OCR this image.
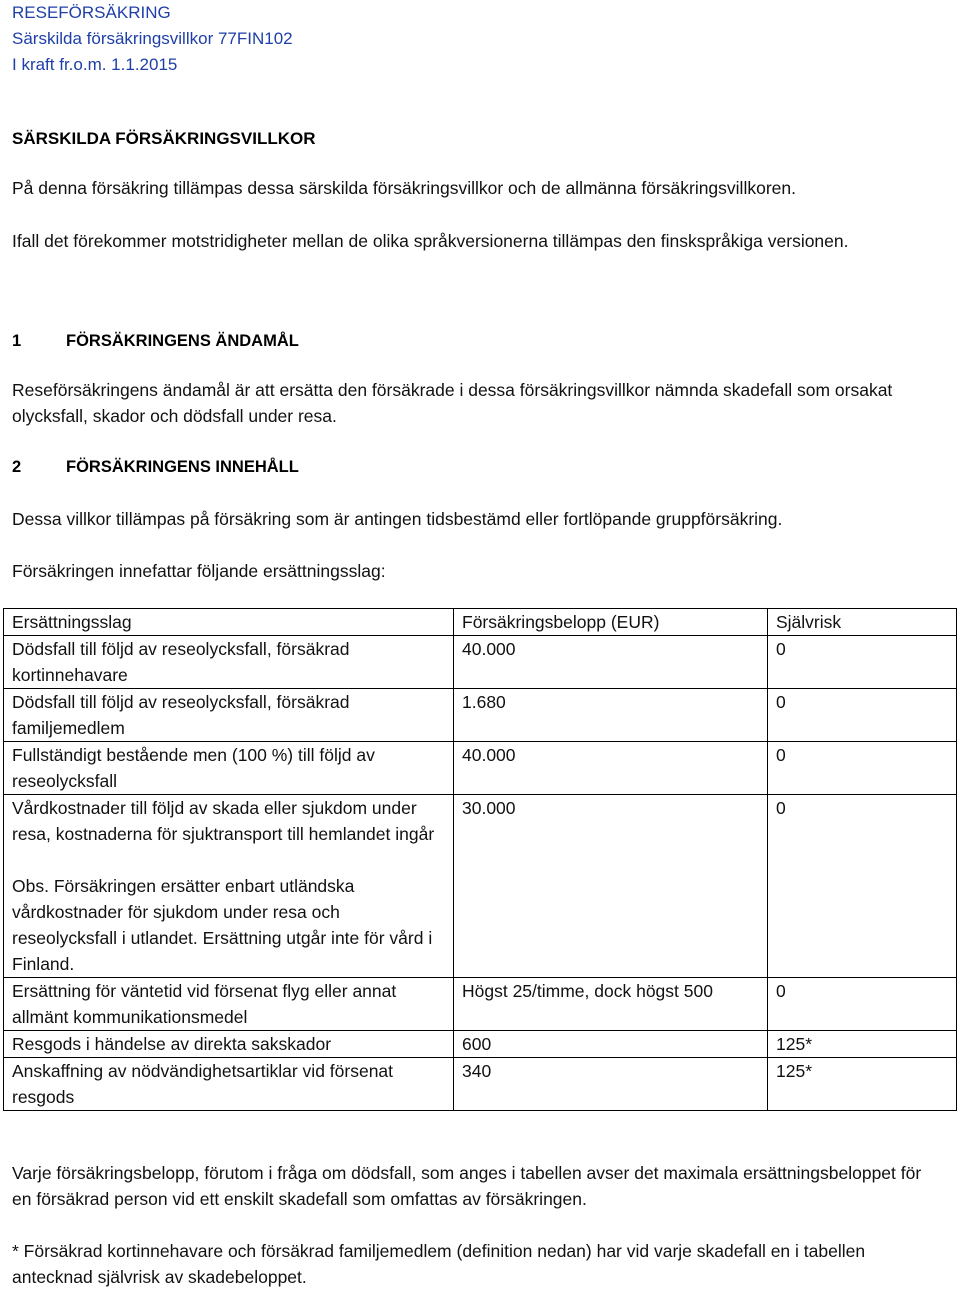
RESEFÖRSÄKRING
Särskilda försäkringsvillkor 77FIN102
I kraft fr.o.m. 1.1.2015
SÄRSKILDA FÖRSÄKRINGSVILLKOR
På denna försäkring tillämpas dessa särskilda försäkringsvillkor och de allmänna försäkringsvillkoren.
Ifall det förekommer motstridigheter mellan de olika språkversionerna tillämpas den finskspråkiga versionen.
1	FÖRSÄKRINGENS ÄNDAMÅL
Reseförsäkringens ändamål är att ersätta den försäkrade i dessa försäkringsvillkor nämnda skadefall som orsakat olycksfall, skador och dödsfall under resa.
2	FÖRSÄKRINGENS INNEHÅLL
Dessa villkor tillämpas på försäkring som är antingen tidsbestämd eller fortlöpande gruppförsäkring.
Försäkringen innefattar följande ersättningsslag:
Ersättningsslag	Försäkringsbelopp (EUR)	Självrisk
Dödsfall till följd av reseolycksfall, försäkrad kortinnehavare	40.000	0
Dödsfall till följd av reseolycksfall, försäkrad familjemedlem	1.680	0
Fullständigt bestående men (100 %) till följd av reseolycksfall	40.000	0

Vårdkostnader till följd av skada eller sjukdom under resa, kostnaderna för sjuktransport till hemlandet ingår
Obs. Försäkringen ersätter enbart utländska vårdkostnader för sjukdom under resa och reseolycksfall i utlandet. Ersättning utgår inte för vård i Finland.	30.000	0
Ersättning för väntetid vid försenat flyg eller annat allmänt kommunikationsmedel	Högst 25/timme, dock högst 500	0
Resgods i händelse av direkta sakskador	600	125*
Anskaffning av nödvändighetsartiklar vid försenat resgods	340	125*
Varje försäkringsbelopp, förutom i fråga om dödsfall, som anges i tabellen avser det maximala ersättningsbeloppet för en försäkrad person vid ett enskilt skadefall som omfattas av försäkringen.
* Försäkrad kortinnehavare och försäkrad familjemedlem (definition nedan) har vid varje skadefall en i tabellen antecknad självrisk av skadebeloppet.
